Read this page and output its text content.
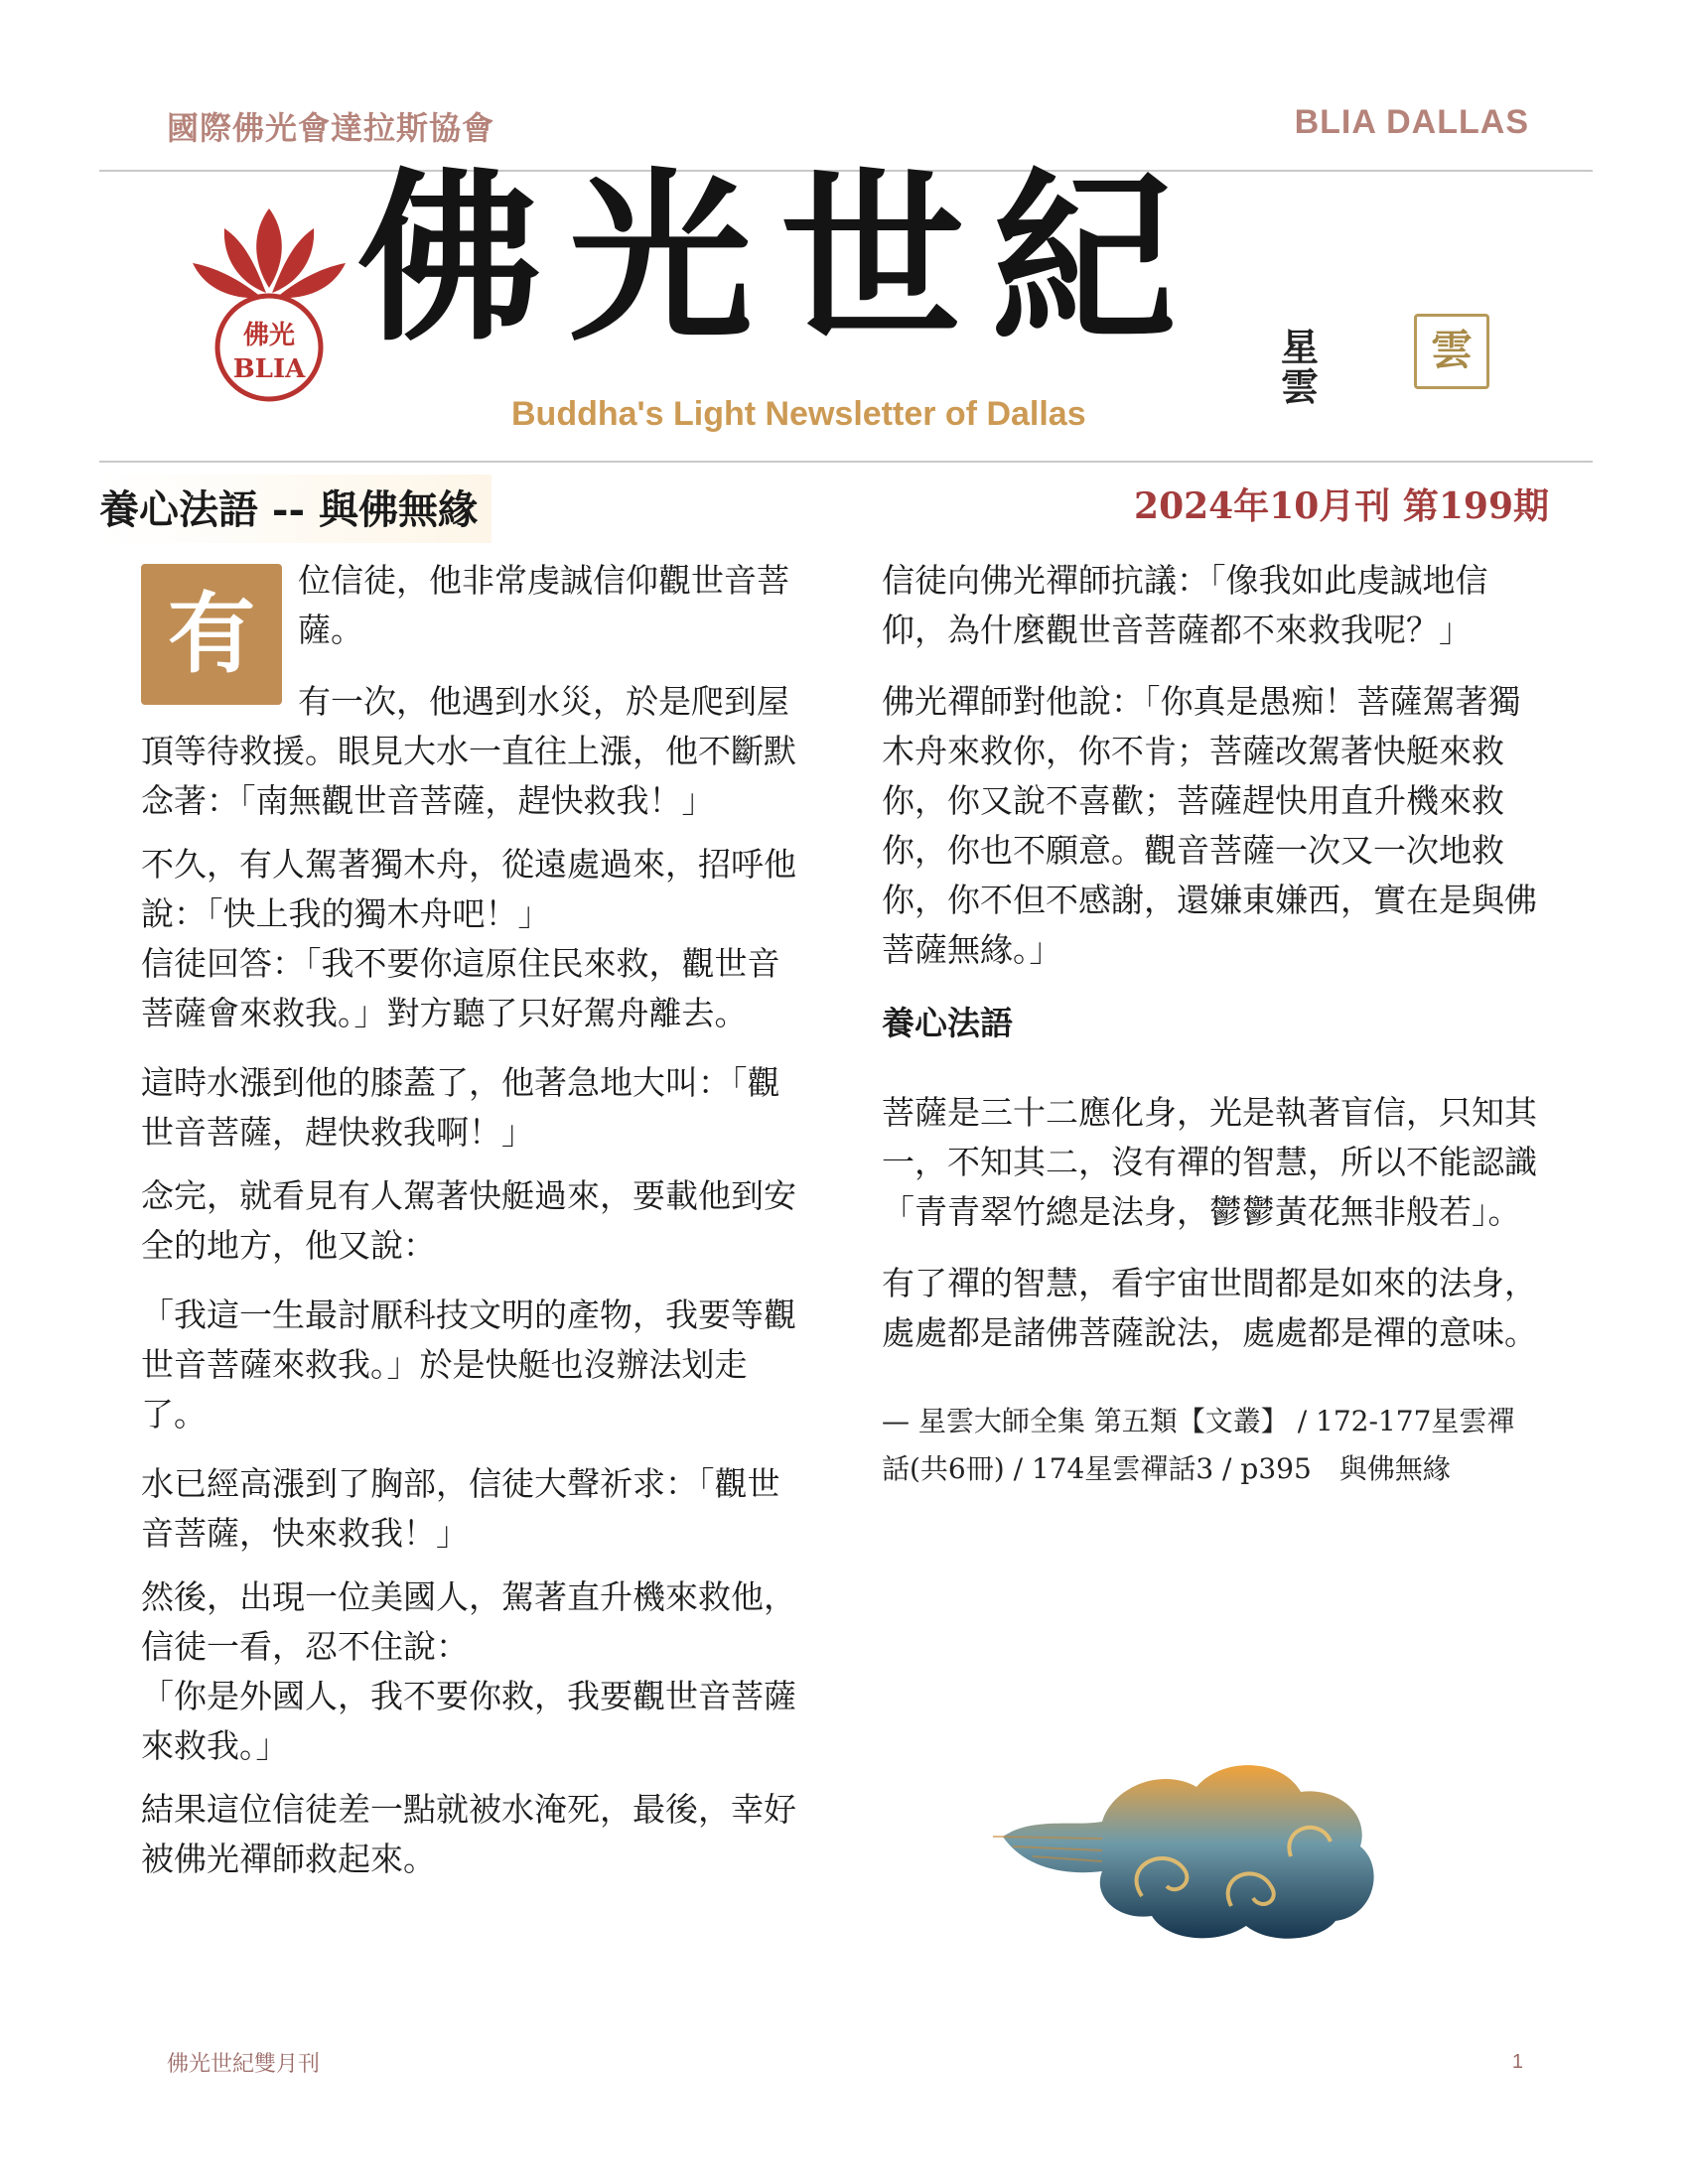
國際佛光會達拉斯協會	BLIA DALLAS
佛光
BLIA
佛光世紀 星雲
雲
Buddha's Light Newsletter of Dallas
養心法語 -- 與佛無緣	2024年10月刊 第199期
有

位信徒，他非常虔誠信仰觀世音菩薩。

有一次，他遇到水災，於是爬到屋頂等待救援。眼見大水一直往上漲，他不斷默念著：「南無觀世音菩薩，趕快救我！」

不久，有人駕著獨木舟，從遠處過來，招呼他說：「快上我的獨木舟吧！」
信徒回答：「我不要你這原住民來救，觀世音菩薩會來救我。」對方聽了只好駕舟離去。

這時水漲到他的膝蓋了，他著急地大叫：「觀世音菩薩，趕快救我啊！」

念完，就看見有人駕著快艇過來，要載他到安全的地方，他又說：

「我這一生最討厭科技文明的產物，我要等觀世音菩薩來救我。」於是快艇也沒辦法划走了。

水已經高漲到了胸部，信徒大聲祈求：「觀世音菩薩，快來救我！」

然後，出現一位美國人，駕著直升機來救他，信徒一看，忍不住說：
「你是外國人，我不要你救，我要觀世音菩薩來救我。」

結果這位信徒差一點就被水淹死，最後，幸好被佛光禪師救起來。

信徒向佛光禪師抗議：「像我如此虔誠地信仰，為什麼觀世音菩薩都不來救我呢？」

佛光禪師對他說：「你真是愚痴！菩薩駕著獨木舟來救你，你不肯；菩薩改駕著快艇來救你，你又說不喜歡；菩薩趕快用直升機來救你，你也不願意。觀音菩薩一次又一次地救你，你不但不感謝，還嫌東嫌西，實在是與佛菩薩無緣。」

養心法語

菩薩是三十二應化身，光是執著盲信，只知其一，不知其二，沒有禪的智慧，所以不能認識「青青翠竹總是法身，鬱鬱黃花無非般若」。

有了禪的智慧，看宇宙世間都是如來的法身，處處都是諸佛菩薩說法，處處都是禪的意味。

— 星雲大師全集 第五類【文叢】 / 172-177星雲禪話(共6冊) / 174星雲禪話3 / p395　與佛無緣

佛光世紀雙月刊	1
